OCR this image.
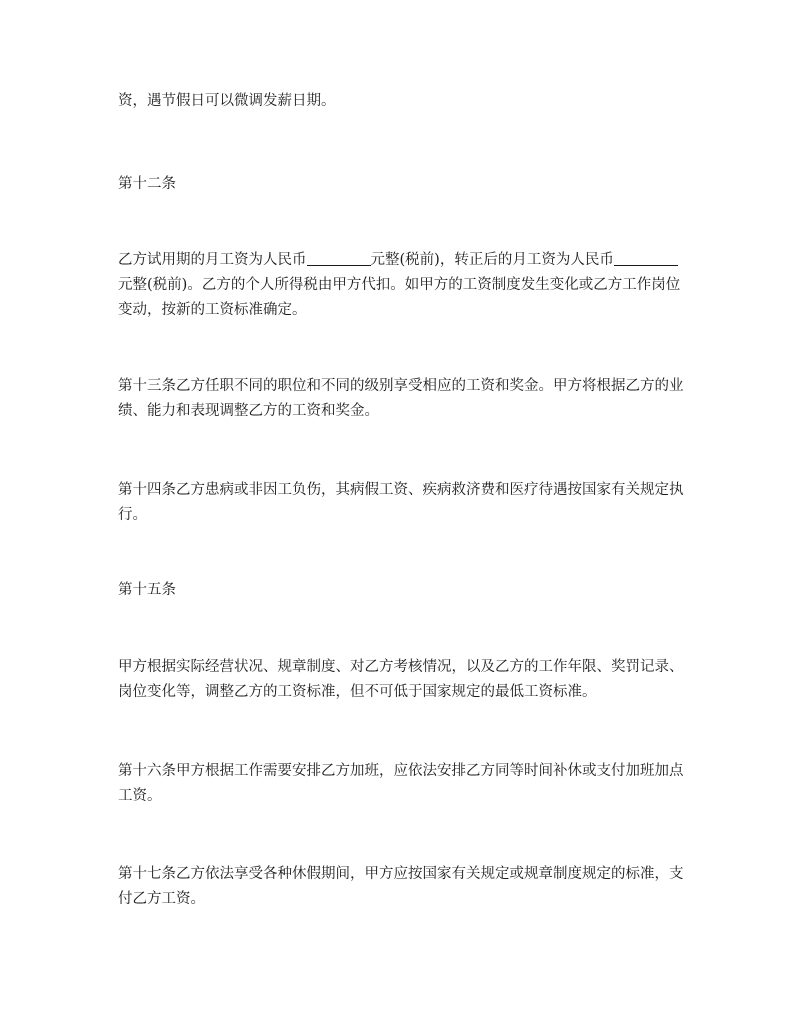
资，遇节假日可以微调发薪日期。

第十二条

乙方试用期的月工资为人民币	元整(税前)，转正后的月工资为人民币元整(税前)。乙方的个人所得税由甲方代扣。如甲方的工资制度发生变化或乙方工作岗位变动，按新的工资标准确定。

第十三条乙方任职不同的职位和不同的级别享受相应的工资和奖金。甲方将根据乙方的业绩、能力和表现调整乙方的工资和奖金。

第十四条乙方患病或非因工负伤，其病假工资、疾病救济费和医疗待遇按国家有关规定执行。

第十五条

甲方根据实际经营状况、规章制度、对乙方考核情况，以及乙方的工作年限、奖罚记录、岗位变化等，调整乙方的工资标准，但不可低于国家规定的最低工资标准。

第十六条甲方根据工作需要安排乙方加班，应依法安排乙方同等时间补休或支付加班加点工资。

第十七条乙方依法享受各种休假期间，甲方应按国家有关规定或规章制度规定的标准，支付乙方工资。
